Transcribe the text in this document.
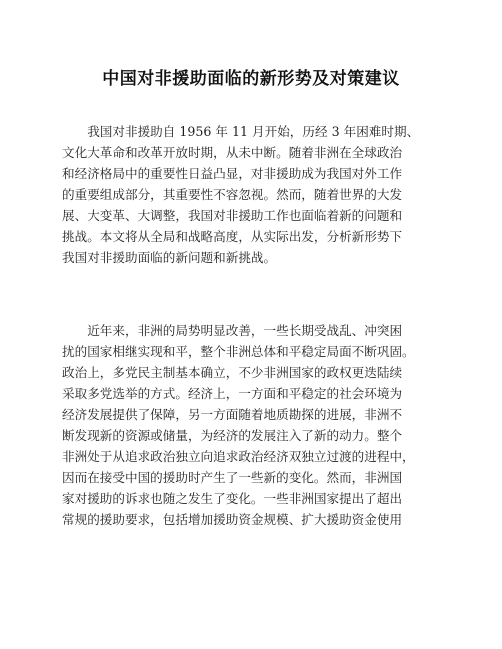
中国对非援助面临的新形势及对策建议
　　我国对非援助自 1956 年 11 月开始，历经 3 年困难时期、
文化大革命和改革开放时期，从未中断。随着非洲在全球政治
和经济格局中的重要性日益凸显，对非援助成为我国对外工作
的重要组成部分，其重要性不容忽视。然而，随着世界的大发
展、大变革、大调整，我国对非援助工作也面临着新的问题和
挑战。本文将从全局和战略高度，从实际出发，分析新形势下
我国对非援助面临的新问题和新挑战。
　　近年来，非洲的局势明显改善，一些长期受战乱、冲突困
扰的国家相继实现和平，整个非洲总体和平稳定局面不断巩固。
政治上，多党民主制基本确立，不少非洲国家的政权更迭陆续
采取多党选举的方式。经济上，一方面和平稳定的社会环境为
经济发展提供了保障，另一方面随着地质勘探的进展，非洲不
断发现新的资源或储量，为经济的发展注入了新的动力。整个
非洲处于从追求政治独立向追求政治经济双独立过渡的进程中，
因而在接受中国的援助时产生了一些新的变化。然而，非洲国
家对援助的诉求也随之发生了变化。一些非洲国家提出了超出
常规的援助要求，包括增加援助资金规模、扩大援助资金使用
